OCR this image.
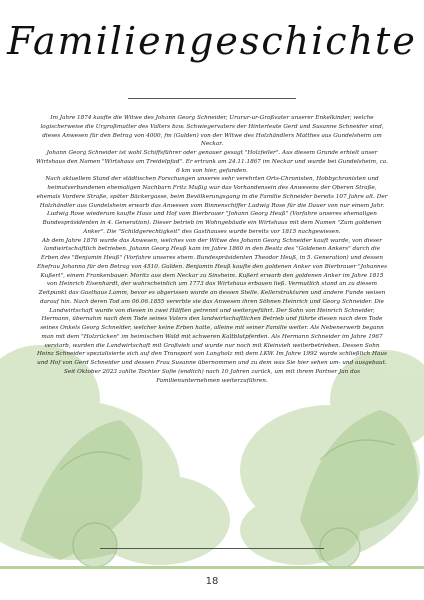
Familiengeschichte

Im Jahre 1874 kaufte die Witwe des Johann Georg Schneider, Ururur-ur-Großvater unserer Enkelkinder, welche logischerweise die Urgroßmutter des Valters bzw. Schwiegervaters der Hinterleute Gerd und Susanne Schneider sind, dieses Anwesen für den Betrag von 4000, fm (Gulden) von der Witwe des Holzhändlers Matthes aus Gundelsheim am Neckar.

Johann Georg Schneider ist wohl Schiffsführer oder genauer gesagt "Holzfeiler". Aus diesem Grunde erhielt unser Wirtshaus den Namen "Wirtshaus am Treidelpfad". Er ertrank am 24.11.1867 im Neckar und wurde bei Gundelsheim, ca. 6 km von hier, gefunden.

Nach aktuellem Stand der städtischen Forschungen unseres sehr verehrten Orts-Chronisten, Hobbychronisten und heimatverbundenen ehemaligen Nachbarn Fritz Mußig war das Vorhandensein des Anwesens der Oberen Straße, ehemals Vordere Straße, später Bäckergasse, beim Bevölkerungsgang in die Familie Schneider bereits 107 Jahre alt. Der Holzhändler aus Gundelsheim erwarb das Anwesen vom Binnenschiffer Ludwig Rose für die Dauer von nur einem Jahr. Ludwig Rose wiederum kaufte Haus und Hof vom Bierbrauer "Johann Georg Heuß" (Vorfahre unseres ehemaligen Bundespräsidenten in 4. Generation). Dieser betrieb im Wohngebäude ein Wirtshaus mit dem Namen "Zum goldenen Anker". Die "Schildgerechtigkeit" des Gasthauses wurde bereits vor 1815 nachgewiesen.

Ab dem Jahre 1876 wurde das Anwesen, welches von der Witwe des Johann Georg Schneider kauft wurde, von dieser landwirtschaftlich betrieben. Johann Georg Heuß kam im Jahre 1860 in den Besitz des "Goldenen Ankers" durch die Erben des "Benjamin Heuß" (Vorfahre unseres ehem. Bundespräsidenten Theodor Heuß, in 5. Generation) und dessen Ehefrau Johanna für den Betrag von 4510. Gulden. Benjamin Heuß kaufte den goldenen Anker von Bierbrauer "Johannes Kußert", einem Frankenbauer. Moritz aus dem Neckar zu Sinsheim. Kußert erwarb den goldenen Anker im Jahre 1815 von Heinrich Eisenhardt, der wahrscheinlich um 1773 das Wirtshaus erbauen ließ. Vermutlich stand an zu diesem Zeitpunkt das Gasthaus Lamm, bevor es abgerissen wurde an dessen Stelle. Kellerstrukturen und andere Funde weisen darauf hin. Nach deren Tod am 06.06.1855 vererbte sie das Anwesen ihren Söhnen Heinrich und Georg Schneider. Die Landwirtschaft wurde von diesen in zwei Hälften getrennt und weitergeführt. Der Sohn von Heinrich Schneider, Hermann, übernahm nach dem Tode seines Vaters den landwirtschaftlichen Betrieb und führte diesen nach dem Tode seines Onkels Georg Schneider, welcher keine Erben hatte, alleine mit seiner Familie weiter. Als Nebenerwerb begann man mit dem "Holzrücken" im heimischen Wald mit schweren Kaltblutpferden. Als Hermann Schneider im Jahre 1967 verstarb, wurden die Landwirtschaft mit Großvieh und wurde nur noch mit Kleinvieh weiterbetrieben. Dessen Sohn Heinz Schneider spezialisierte sich auf den Transport von Langholz mit dem LKW. Im Jahre 1992 wurde schließlich Haus und Hof von Gerd Schneider und dessen Frau Susanne übernommen und zu dem was Sie hier sehen um- und ausgebaut. Seit Oktober 2023 zahlte Tochter Sofie (endlich) nach 10 Jahren zurück, um mit ihrem Partner Jan das Familienunternehmen weiterzuführen.

18
